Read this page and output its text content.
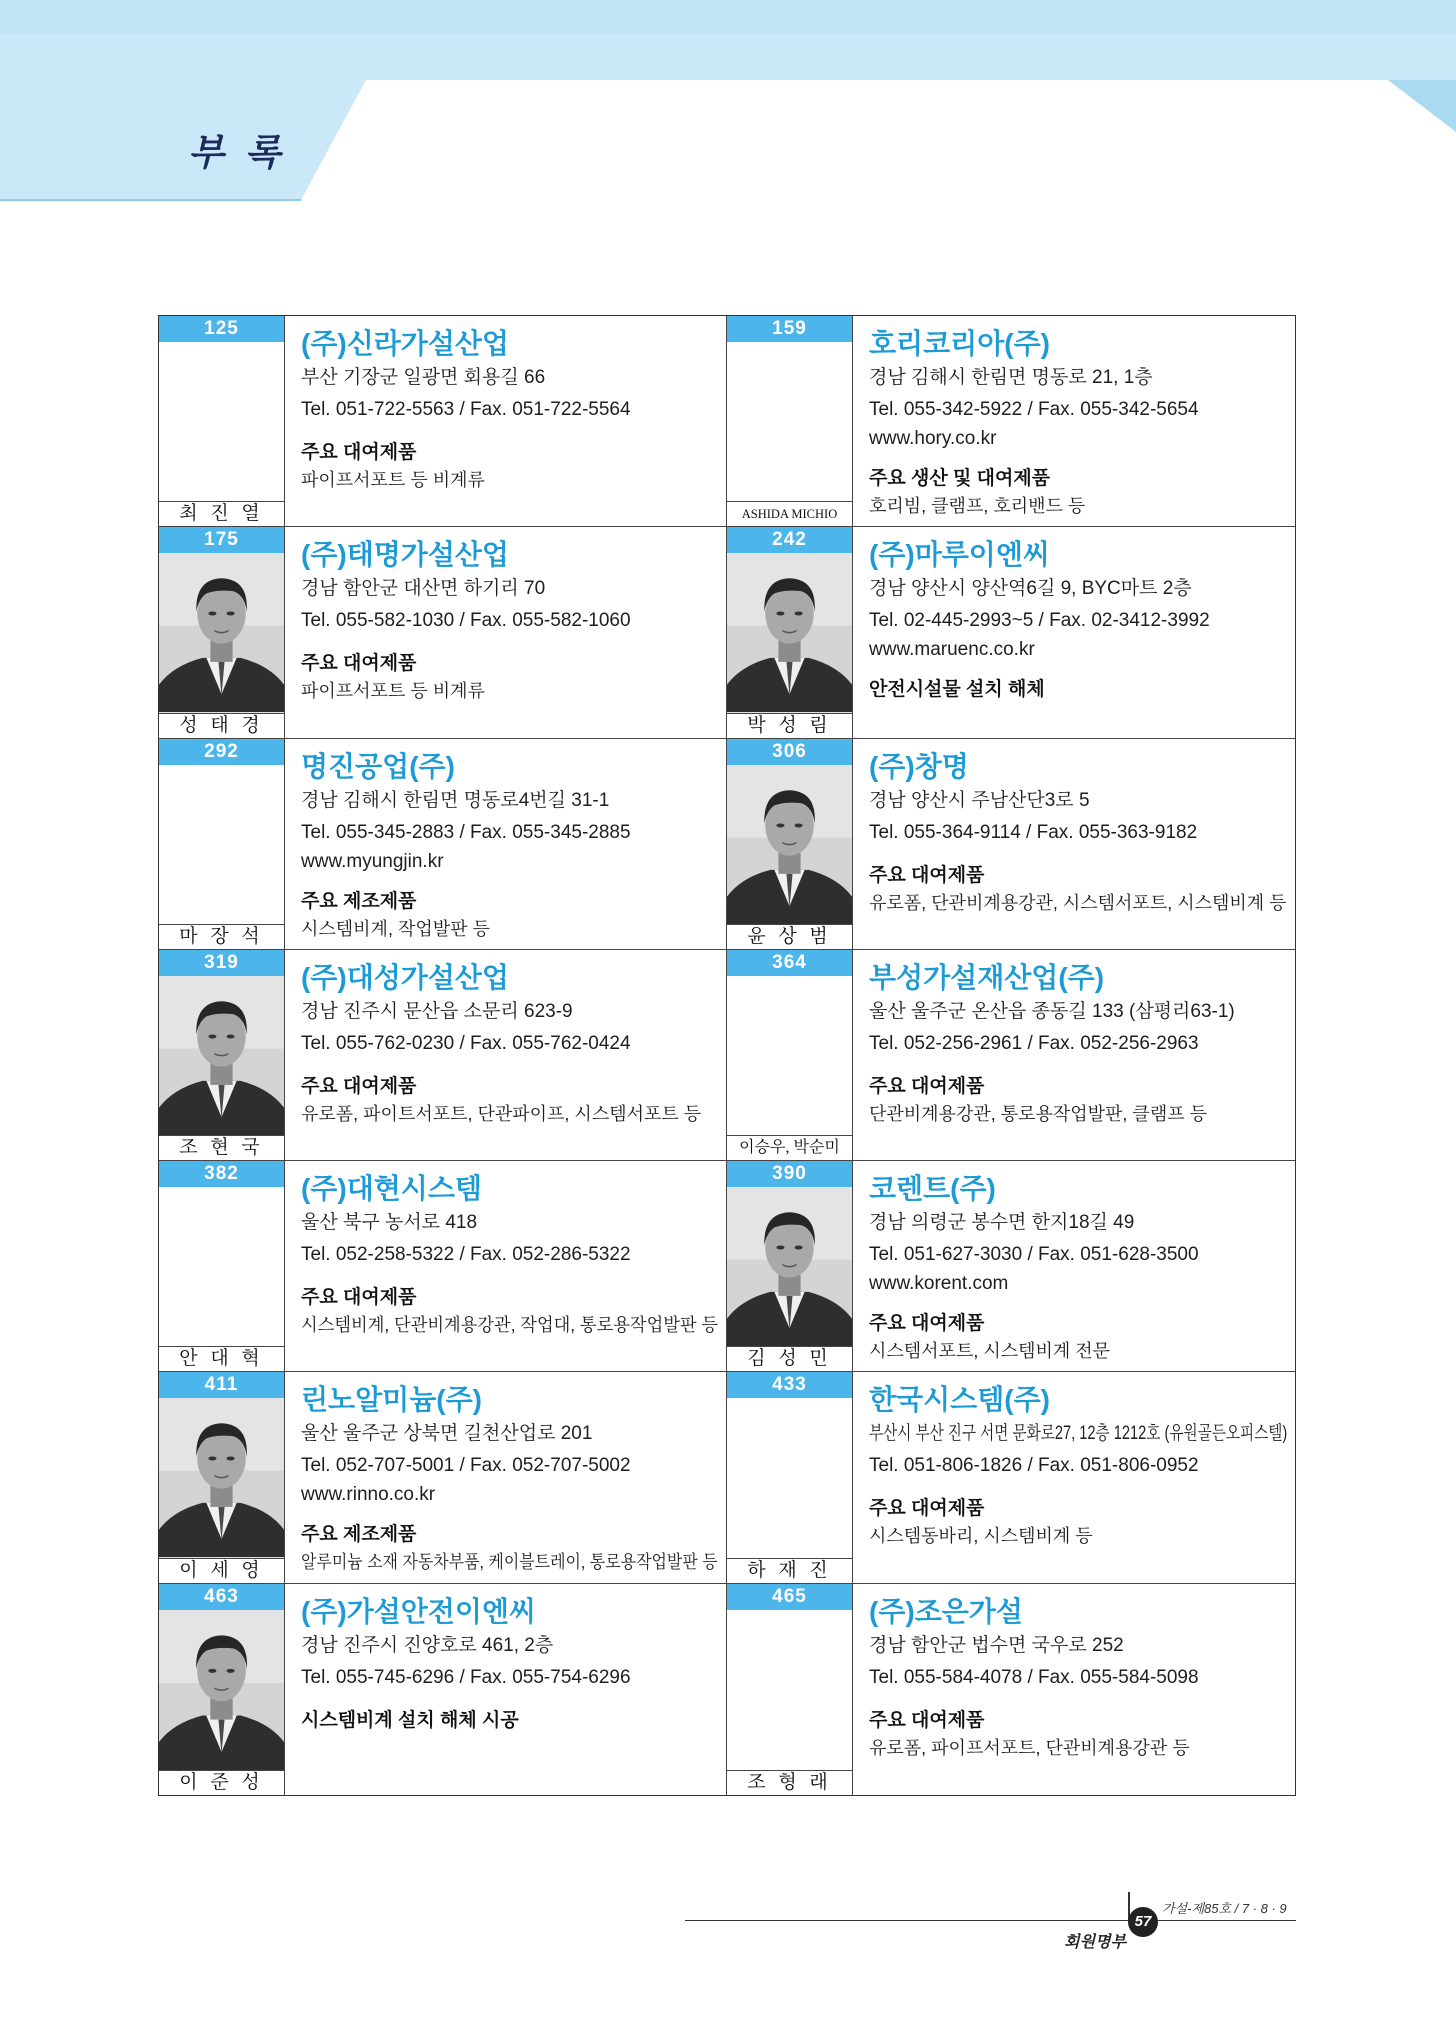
부 록
125
최 진 열
(주)신라가설산업
부산 기장군 일광면 회용길 66
Tel. 051-722-5563 / Fax. 051-722-5564
주요 대여제품
파이프서포트 등 비계류
159
ASHIDA MICHIO
호리코리아(주)
경남 김해시 한림면 명동로 21, 1층
Tel. 055-342-5922 / Fax. 055-342-5654
www.hory.co.kr
주요 생산 및 대여제품
호리빔, 클램프, 호리밴드 등
175
성 태 경
(주)태명가설산업
경남 함안군 대산면 하기리 70
Tel. 055-582-1030 / Fax. 055-582-1060
주요 대여제품
파이프서포트 등 비계류
242
박 성 림
(주)마루이엔씨
경남 양산시 양산역6길 9, BYC마트 2층
Tel. 02-445-2993~5 / Fax. 02-3412-3992
www.maruenc.co.kr
안전시설물 설치 해체
292
마 장 석
명진공업(주)
경남 김해시 한림면 명동로4번길 31-1
Tel. 055-345-2883 / Fax. 055-345-2885
www.myungjin.kr
주요 제조제품
시스템비계, 작업발판 등
306
윤 상 범
(주)창명
경남 양산시 주남산단3로 5
Tel. 055-364-9114 / Fax. 055-363-9182
주요 대여제품
유로폼, 단관비계용강관, 시스템서포트, 시스템비계 등
319
조 현 국
(주)대성가설산업
경남 진주시 문산읍 소문리 623-9
Tel. 055-762-0230 / Fax. 055-762-0424
주요 대여제품
유로폼, 파이트서포트, 단관파이프, 시스템서포트 등
364
이승우, 박순미
부성가설재산업(주)
울산 울주군 온산읍 종동길 133 (삼평리63-1)
Tel. 052-256-2961 / Fax. 052-256-2963
주요 대여제품
단관비계용강관, 통로용작업발판, 클램프 등
382
안 대 혁
(주)대현시스템
울산 북구 농서로 418
Tel. 052-258-5322 / Fax. 052-286-5322
주요 대여제품
시스템비계, 단관비계용강관, 작업대, 통로용작업발판 등
390
김 성 민
코렌트(주)
경남 의령군 봉수면 한지18길 49
Tel. 051-627-3030 / Fax. 051-628-3500
www.korent.com
주요 대여제품
시스템서포트, 시스템비계 전문
411
이 세 영
린노알미늄(주)
울산 울주군 상북면 길천산업로 201
Tel. 052-707-5001 / Fax. 052-707-5002
www.rinno.co.kr
주요 제조제품
알루미늄 소재 자동차부품, 케이블트레이, 통로용작업발판 등
433
하 재 진
한국시스템(주)
부산시 부산 진구 서면 문화로27, 12층 1212호 (유원골든오피스텔)
Tel. 051-806-1826 / Fax. 051-806-0952
주요 대여제품
시스템동바리, 시스템비계 등
463
이 준 성
(주)가설안전이엔씨
경남 진주시 진양호로 461, 2층
Tel. 055-745-6296 / Fax. 055-754-6296
시스템비계 설치 해체 시공
465
조 형 래
(주)조은가설
경남 함안군 법수면 국우로 252
Tel. 055-584-4078 / Fax. 055-584-5098
주요 대여제품
유로폼, 파이프서포트, 단관비계용강관 등
57
가설-제85호 / 7 · 8 · 9
회원명부
